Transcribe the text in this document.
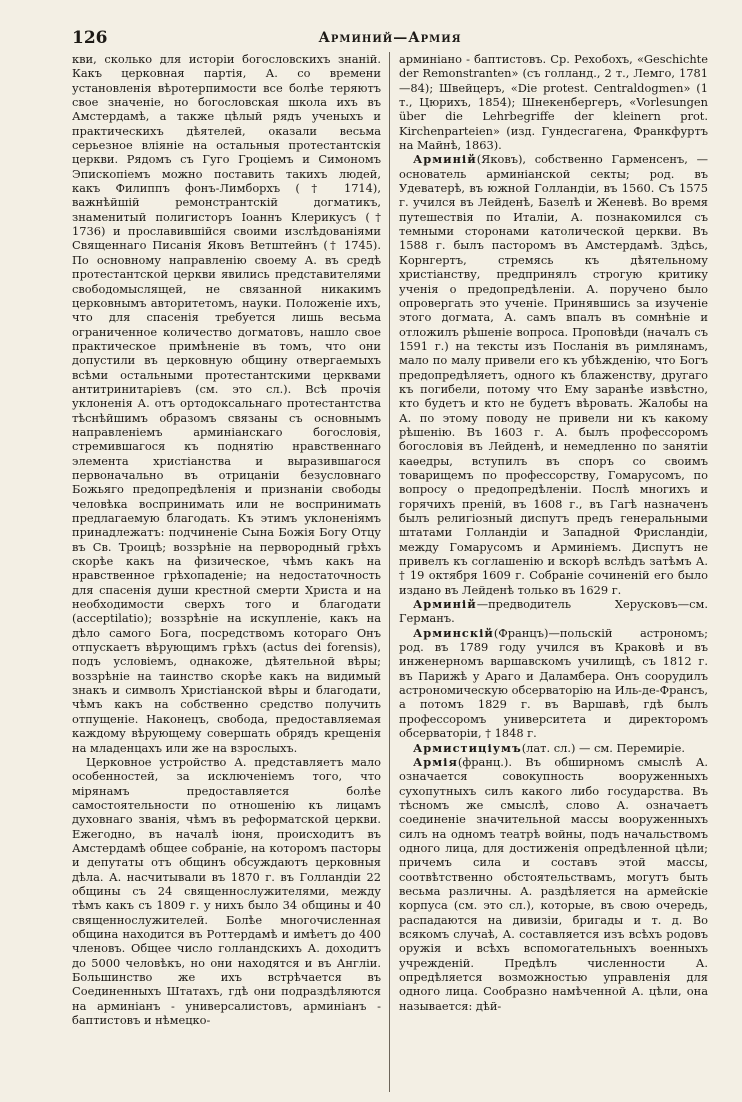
126	Арминий—Армия

кви, сколько для исторіи богословскихъ знаній. Какъ церковная партія, А. со времени установленія вѣротерпимости все болѣе теряютъ свое значеніе, но богословская школа ихъ въ Амстердамѣ, а также цѣлый рядъ ученыхъ и практическихъ дѣятелей, оказали весьма серьезное вліяніе на остальныя протестантскія церкви. Рядомъ съ Гуго Гроціемъ и Симономъ Эпископіемъ можно поставить такихъ людей, какъ Филиппъ фонъ-Лимборхъ († 1714), важнѣйшій ремонстрантскій догматикъ, знаменитый полигисторъ Іоаннъ Клерикусъ († 1736) и прославившійся своими изслѣдованіями Священнаго Писанія Яковъ Ветштейнъ († 1745). По основному направленію своему А. въ средѣ протестантской церкви явились представителями свободомыслящей, не связанной никакимъ церковнымъ авторитетомъ, науки. Положеніе ихъ, что для спасенія требуется лишь весьма ограниченное количество догматовъ, нашло свое практическое примѣненіе въ томъ, что они допустили въ церковную общину отвергаемыхъ всѣми остальными протестантскими церквами антитринитаріевъ (см. это сл.). Всѣ прочія уклоненія А. отъ ортодоксальнаго протестантства тѣснѣйшимъ образомъ связаны съ основнымъ направленіемъ арминіанскаго богословія, стремившагося къ поднятію нравственнаго элемента христіанства и выразившагося первоначально въ отрицаніи безусловнаго Божьяго предопредѣленія и признаніи свободы человѣка воспринимать или не воспринимать предлагаемую благодать. Къ этимъ уклоненіямъ принадлежатъ: подчиненіе Сына Божія Богу Отцу въ Св. Троицѣ; воззрѣніе на первородный грѣхъ скорѣе какъ на физическое, чѣмъ какъ на нравственное грѣхопаденіе; на недостаточность для спасенія души крестной смерти Христа и на необходимости сверхъ того и благодати (acceptilatio); воззрѣніе на искупленіе, какъ на дѣло самого Бога, посредствомъ котораго Онъ отпускаетъ вѣрующимъ грѣхъ (actus dei forensis), подъ условіемъ, однакоже, дѣятельной вѣры; воззрѣніе на таинство скорѣе какъ на видимый знакъ и символъ Христіанской вѣры и благодати, чѣмъ какъ на собственно средство получить отпущеніе. Наконецъ, свобода, предоставляемая каждому вѣрующему совершать обрядъ крещенія на младенцахъ или же на взрослыхъ.

Церковное устройство А. представляетъ мало особенностей, за исключеніемъ того, что мірянамъ предоставляется болѣе самостоятельности по отношенію къ лицамъ духовнаго званія, чѣмъ въ реформатской церкви. Ежегодно, въ началѣ іюня, происходитъ въ Амстердамѣ общее собраніе, на которомъ пасторы и депутаты отъ общинъ обсуждаютъ церковныя дѣла. А. насчитывали въ 1870 г. въ Голландіи 22 общины съ 24 священнослужителями, между тѣмъ какъ съ 1809 г. у нихъ было 34 общины и 40 священнослужителей. Болѣе многочисленная община находится въ Роттердамѣ и имѣетъ до 400 членовъ. Общее число голландскихъ А. доходитъ до 5000 человѣкъ, но они находятся и въ Англіи. Большинство же ихъ встрѣчается въ Соединенныхъ Штатахъ, гдѣ они подраздѣляются на арминіанъ - универсалистовъ, арминіанъ - баптистовъ и нѣмецко-

арминіано - баптистовъ. Ср. Рехобохъ, «Geschichte der Remonstranten» (съ голланд., 2 т., Лемго, 1781—84); Швейцеръ, «Die protest. Centraldogmen» (1 т., Цюрихъ, 1854); Шнекенбергеръ, «Vorlesungen über die Lehrbegriffe der kleinern prot. Kirchenparteien» (изд. Гундесгагена, Франкфуртъ на Майнѣ, 1863).

Арминій(Яковъ), собственно Гарменсенъ, —основатель арминіанской секты; род. въ Удеватерѣ, въ южной Голландіи, въ 1560. Съ 1575 г. учился въ Лейденѣ, Базелѣ и Женевѣ. Во время путешествія по Италіи, А. познакомился съ темными сторонами католической церкви. Въ 1588 г. былъ пасторомъ въ Амстердамѣ. Здѣсь, Корнгертъ, стремясь къ дѣятельному христіанству, предпринялъ строгую критику ученія о предопредѣленіи. А. поручено было опровергать это ученіе. Принявшись за изученіе этого догмата, А. самъ впалъ въ сомнѣніе и отложилъ рѣшеніе вопроса. Проповѣди (началъ съ 1591 г.) на тексты изъ Посланія въ римлянамъ, мало по малу привели его къ убѣжденію, что Богъ предопредѣляетъ, одного къ блаженству, другаго къ погибели, потому что Ему заранѣе извѣстно, кто будетъ и кто не будетъ вѣровать. Жалобы на А. по этому поводу не привели ни къ какому рѣшенію. Въ 1603 г. А. былъ профессоромъ богословія въ Лейденѣ, и немедленно по занятіи каѳедры, вступилъ въ споръ со своимъ товарищемъ по профессорству, Гомарусомъ, по вопросу о предопредѣленіи. Послѣ многихъ и горячихъ преній, въ 1608 г., въ Гагѣ назначенъ былъ религіозный диспутъ предъ генеральными штатами Голландіи и Западной Фрисландіи, между Гомарусомъ и Арминіемъ. Диспутъ не привелъ къ соглашенію и вскорѣ вслѣдъ затѣмъ А. † 19 октября 1609 г. Собраніе сочиненій его было издано въ Лейденѣ только въ 1629 г.

Арминій—предводитель Херусковъ—см. Германъ.

Арминскій(Францъ)—польскій астрономъ; род. въ 1789 году учился въ Краковѣ и въ инженерномъ варшавскомъ училищѣ, съ 1812 г. въ Парижѣ у Араго и Даламбера. Онъ соорудилъ астрономическую обсерваторію на Иль-де-Франсъ, а потомъ 1829 г. въ Варшавѣ, гдѣ былъ профессоромъ университета и директоромъ обсерваторіи, † 1848 г.

Армистиціумъ(лат. сл.) — см. Перемиріе.

Армія(франц.). Въ обширномъ смыслѣ А. означается совокупность вооруженныхъ сухопутныхъ силъ какого либо государства. Въ тѣсномъ же смыслѣ, слово А. означаетъ соединеніе значительной массы вооруженныхъ силъ на одномъ театрѣ войны, подъ начальствомъ одного лица, для достиженія опредѣленной цѣли; причемъ сила и составъ этой массы, соотвѣтственно обстоятельствамъ, могутъ быть весьма различны. А. раздѣляется на армейскіе корпуса (см. это сл.), которые, въ свою очередь, распадаются на дивизіи, бригады и т. д. Во всякомъ случаѣ, А. составляется изъ всѣхъ родовъ оружія и всѣхъ вспомогательныхъ военныхъ учрежденій. Предѣлъ численности А. опредѣляется возможностью управленія для одного лица. Сообразно намѣченной А. цѣли, она называется: дѣй-
